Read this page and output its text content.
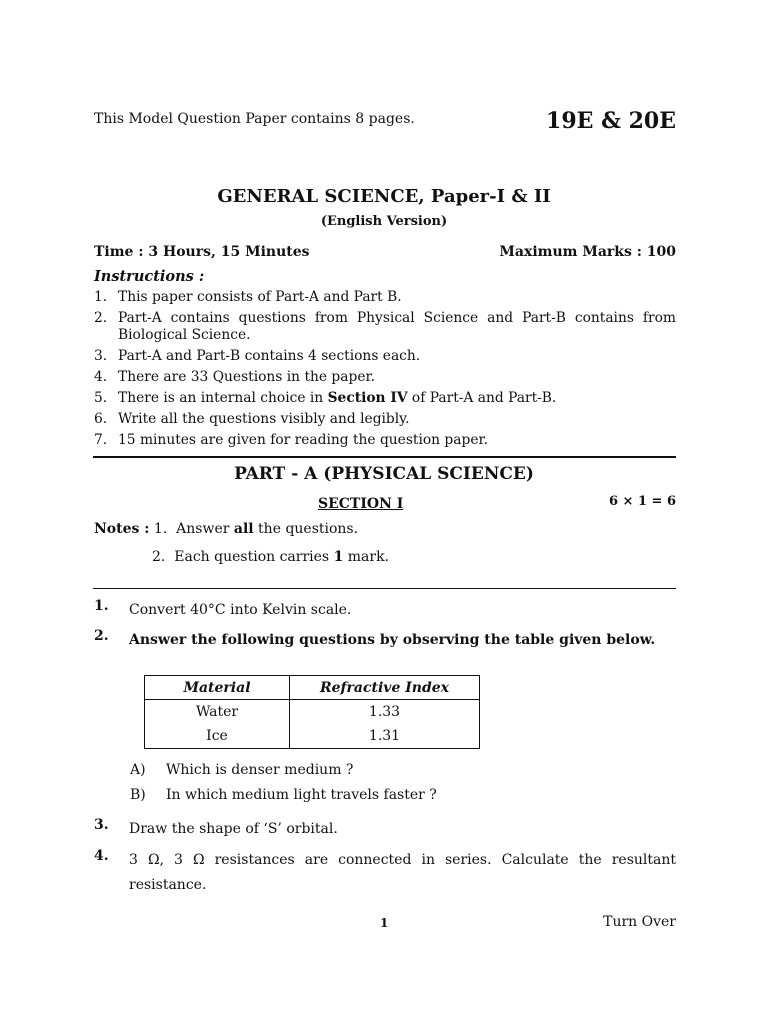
This Model Question Paper contains 8 pages.	19E & 20E
GENERAL SCIENCE, Paper-I & II
(English Version)
Time : 3 Hours, 15 Minutes	Maximum Marks : 100
Instructions :
1. This paper consists of Part-A and Part B.
2. Part-A contains questions from Physical Science and Part-B contains from Biological Science.
3. Part-A and Part-B contains 4 sections each.
4. There are 33 Questions in the paper.
5. There is an internal choice in Section IV of Part-A and Part-B.
6. Write all the questions visibly and legibly.
7. 15 minutes are given for reading the question paper.
PART - A (PHYSICAL SCIENCE)
SECTION I	6 × 1 = 6
Notes : 1. Answer all the questions.
2. Each question carries 1 mark.
1.	Convert 40°C into Kelvin scale.
2.	Answer the following questions by observing the table given below.
Material	Refractive Index
Water	1.33
Ice	1.31
A)	Which is denser medium ?
B)	In which medium light travels faster ?
3.	Draw the shape of ‘S’ orbital.
4.	3 Ω, 3 Ω resistances are connected in series. Calculate the resultant resistance.
1	Turn Over
